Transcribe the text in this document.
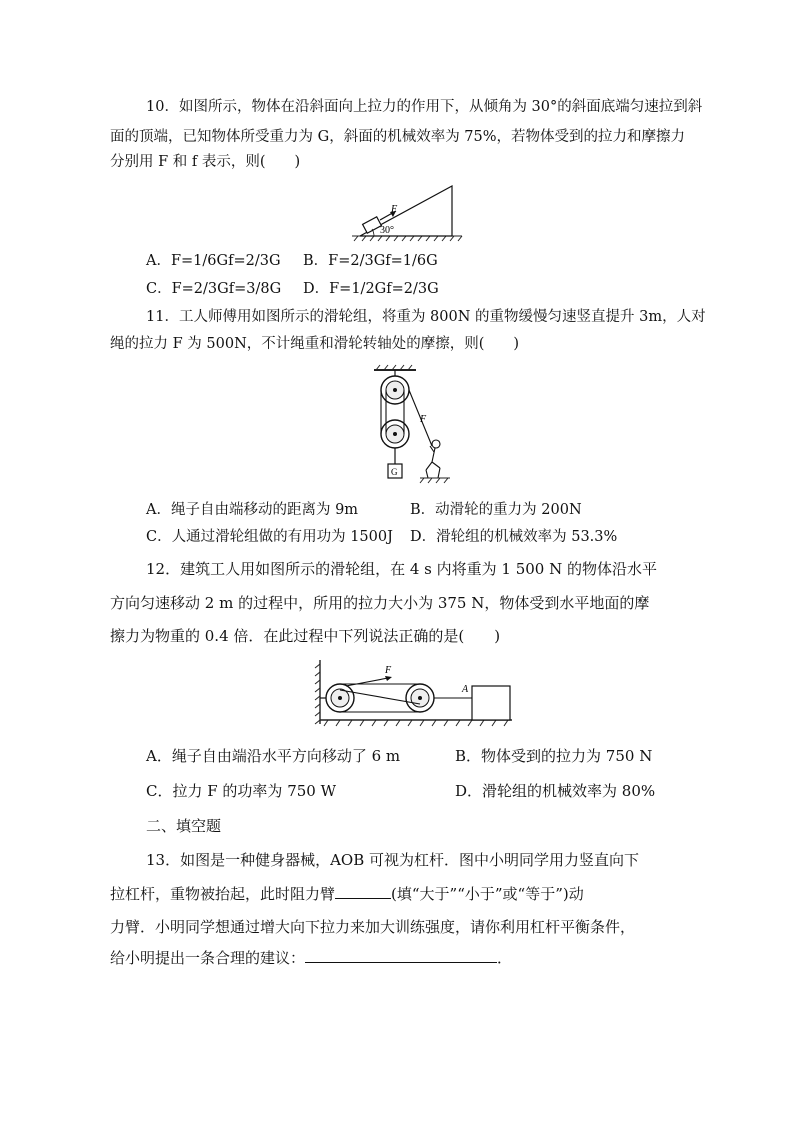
10．如图所示，物体在沿斜面向上拉力的作用下，从倾角为 30°的斜面底端匀速拉到斜
面的顶端，已知物体所受重力为 G，斜面的机械效率为 75%，若物体受到的拉力和摩擦力
分别用 F 和 f 表示，则(　　)
F
30°
A．F=1/6Gf=2/3G B．F=2/3Gf=1/6G
C．F=2/3Gf=3/8G D．F=1/2Gf=2/3G
11．工人师傅用如图所示的滑轮组，将重为 800N 的重物缓慢匀速竖直提升 3m，人对
绳的拉力 F 为 500N，不计绳重和滑轮转轴处的摩擦，则(　　)
G
F
A．绳子自由端移动的距离为 9m	B．动滑轮的重力为 200N
C．人通过滑轮组做的有用功为 1500J D．滑轮组的机械效率为 53.3%
12．建筑工人用如图所示的滑轮组，在 4 s 内将重为 1 500 N 的物体沿水平
方向匀速移动 2 m 的过程中，所用的拉力大小为 375 N，物体受到水平地面的摩
擦力为物重的 0.4 倍．在此过程中下列说法正确的是(　　)
F
A
A．绳子自由端沿水平方向移动了 6 m	B．物体受到的拉力为 750 N
C．拉力 F 的功率为 750 W	D．滑轮组的机械效率为 80%
二、填空题
13．如图是一种健身器械，AOB 可视为杠杆．图中小明同学用力竖直向下
拉杠杆，重物被抬起，此时阻力臂	(填“大于”“小于”或“等于”)动
力臂．小明同学想通过增大向下拉力来加大训练强度，请你利用杠杆平衡条件，
给小明提出一条合理的建议：	．
